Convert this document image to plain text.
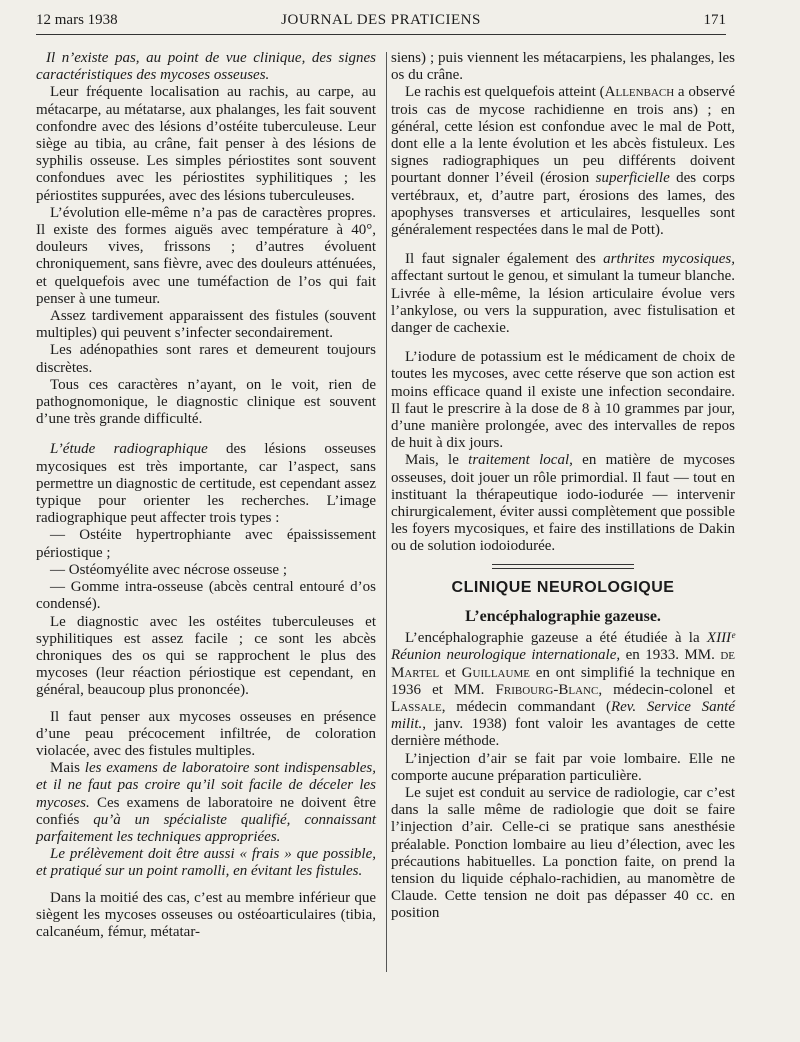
12 mars 1938	JOURNAL DES PRATICIENS	171

Il n’existe pas, au point de vue clinique, des signes caractéristiques des mycoses osseuses.

Leur fréquente localisation au rachis, au carpe, au métacarpe, au métatarse, aux phalanges, les fait souvent confondre avec des lésions d’ostéite tuberculeuse. Leur siège au tibia, au crâne, fait penser à des lésions de syphilis osseuse. Les simples périostites sont souvent confondues avec les périostites syphilitiques ; les périostites suppurées, avec des lésions tuberculeuses.

L’évolution elle-même n’a pas de caractères propres. Il existe des formes aiguës avec température à 40°, douleurs vives, frissons ; d’autres évoluent chroniquement, sans fièvre, avec des douleurs atténuées, et quelquefois avec une tuméfaction de l’os qui fait penser à une tumeur.

Assez tardivement apparaissent des fistules (souvent multiples) qui peuvent s’infecter secondairement.

Les adénopathies sont rares et demeurent toujours discrètes.

Tous ces caractères n’ayant, on le voit, rien de pathognomonique, le diagnostic clinique est souvent d’une très grande difficulté.

L’étude radiographique des lésions osseuses mycosiques est très importante, car l’aspect, sans permettre un diagnostic de certitude, est cependant assez typique pour orienter les recherches. L’image radiographique peut affecter trois types :

— Ostéite hypertrophiante avec épaississement périostique ;

— Ostéomyélite avec nécrose osseuse ;

— Gomme intra-osseuse (abcès central entouré d’os condensé).

Le diagnostic avec les ostéites tuberculeuses et syphilitiques est assez facile ; ce sont les abcès chroniques des os qui se rapprochent le plus des mycoses (leur réaction périostique est cependant, en général, beaucoup plus prononcée).

Il faut penser aux mycoses osseuses en présence d’une peau précocement infiltrée, de coloration violacée, avec des fistules multiples.

Mais les examens de laboratoire sont indispensables, et il ne faut pas croire qu’il soit facile de déceler les mycoses. Ces examens de laboratoire ne doivent être confiés qu’à un spécialiste qualifié, connaissant parfaitement les techniques appropriées.

Le prélèvement doit être aussi « frais » que possible, et pratiqué sur un point ramolli, en évitant les fistules.

Dans la moitié des cas, c’est au membre inférieur que siègent les mycoses osseuses ou ostéoarticulaires (tibia, calcanéum, fémur, métatar-

siens) ; puis viennent les métacarpiens, les phalanges, les os du crâne.

Le rachis est quelquefois atteint (Allenbach a observé trois cas de mycose rachidienne en trois ans) ; en général, cette lésion est confondue avec le mal de Pott, dont elle a la lente évolution et les abcès fistuleux. Les signes radiographiques un peu différents doivent pourtant donner l’éveil (érosion superficielle des corps vertébraux, et, d’autre part, érosions des lames, des apophyses transverses et articulaires, lesquelles sont généralement respectées dans le mal de Pott).

Il faut signaler également des arthrites mycosiques, affectant surtout le genou, et simulant la tumeur blanche. Livrée à elle-même, la lésion articulaire évolue vers l’ankylose, ou vers la suppuration, avec fistulisation et danger de cachexie.

L’iodure de potassium est le médicament de choix de toutes les mycoses, avec cette réserve que son action est moins efficace quand il existe une infection secondaire. Il faut le prescrire à la dose de 8 à 10 grammes par jour, d’une manière prolongée, avec des intervalles de repos de huit à dix jours.

Mais, le traitement local, en matière de mycoses osseuses, doit jouer un rôle primordial. Il faut — tout en instituant la thérapeutique iodo-iodurée — intervenir chirurgicalement, éviter aussi complètement que possible les foyers mycosiques, et faire des instillations de Dakin ou de solution iodoiodurée.

CLINIQUE NEUROLOGIQUE
L’encéphalographie gazeuse.

L’encéphalographie gazeuse a été étudiée à la XIIIᵉ Réunion neurologique internationale, en 1933. MM. de Martel et Guillaume en ont simplifié la technique en 1936 et MM. Fribourg-Blanc, médecin-colonel et Lassale, médecin commandant (Rev. Service Santé milit., janv. 1938) font valoir les avantages de cette dernière méthode.

L’injection d’air se fait par voie lombaire. Elle ne comporte aucune préparation particulière.

Le sujet est conduit au service de radiologie, car c’est dans la salle même de radiologie que doit se faire l’injection d’air. Celle-ci se pratique sans anesthésie préalable. Ponction lombaire au lieu d’élection, avec les précautions habituelles. La ponction faite, on prend la tension du liquide céphalo-rachidien, au manomètre de Claude. Cette tension ne doit pas dépasser 40 cc. en position
